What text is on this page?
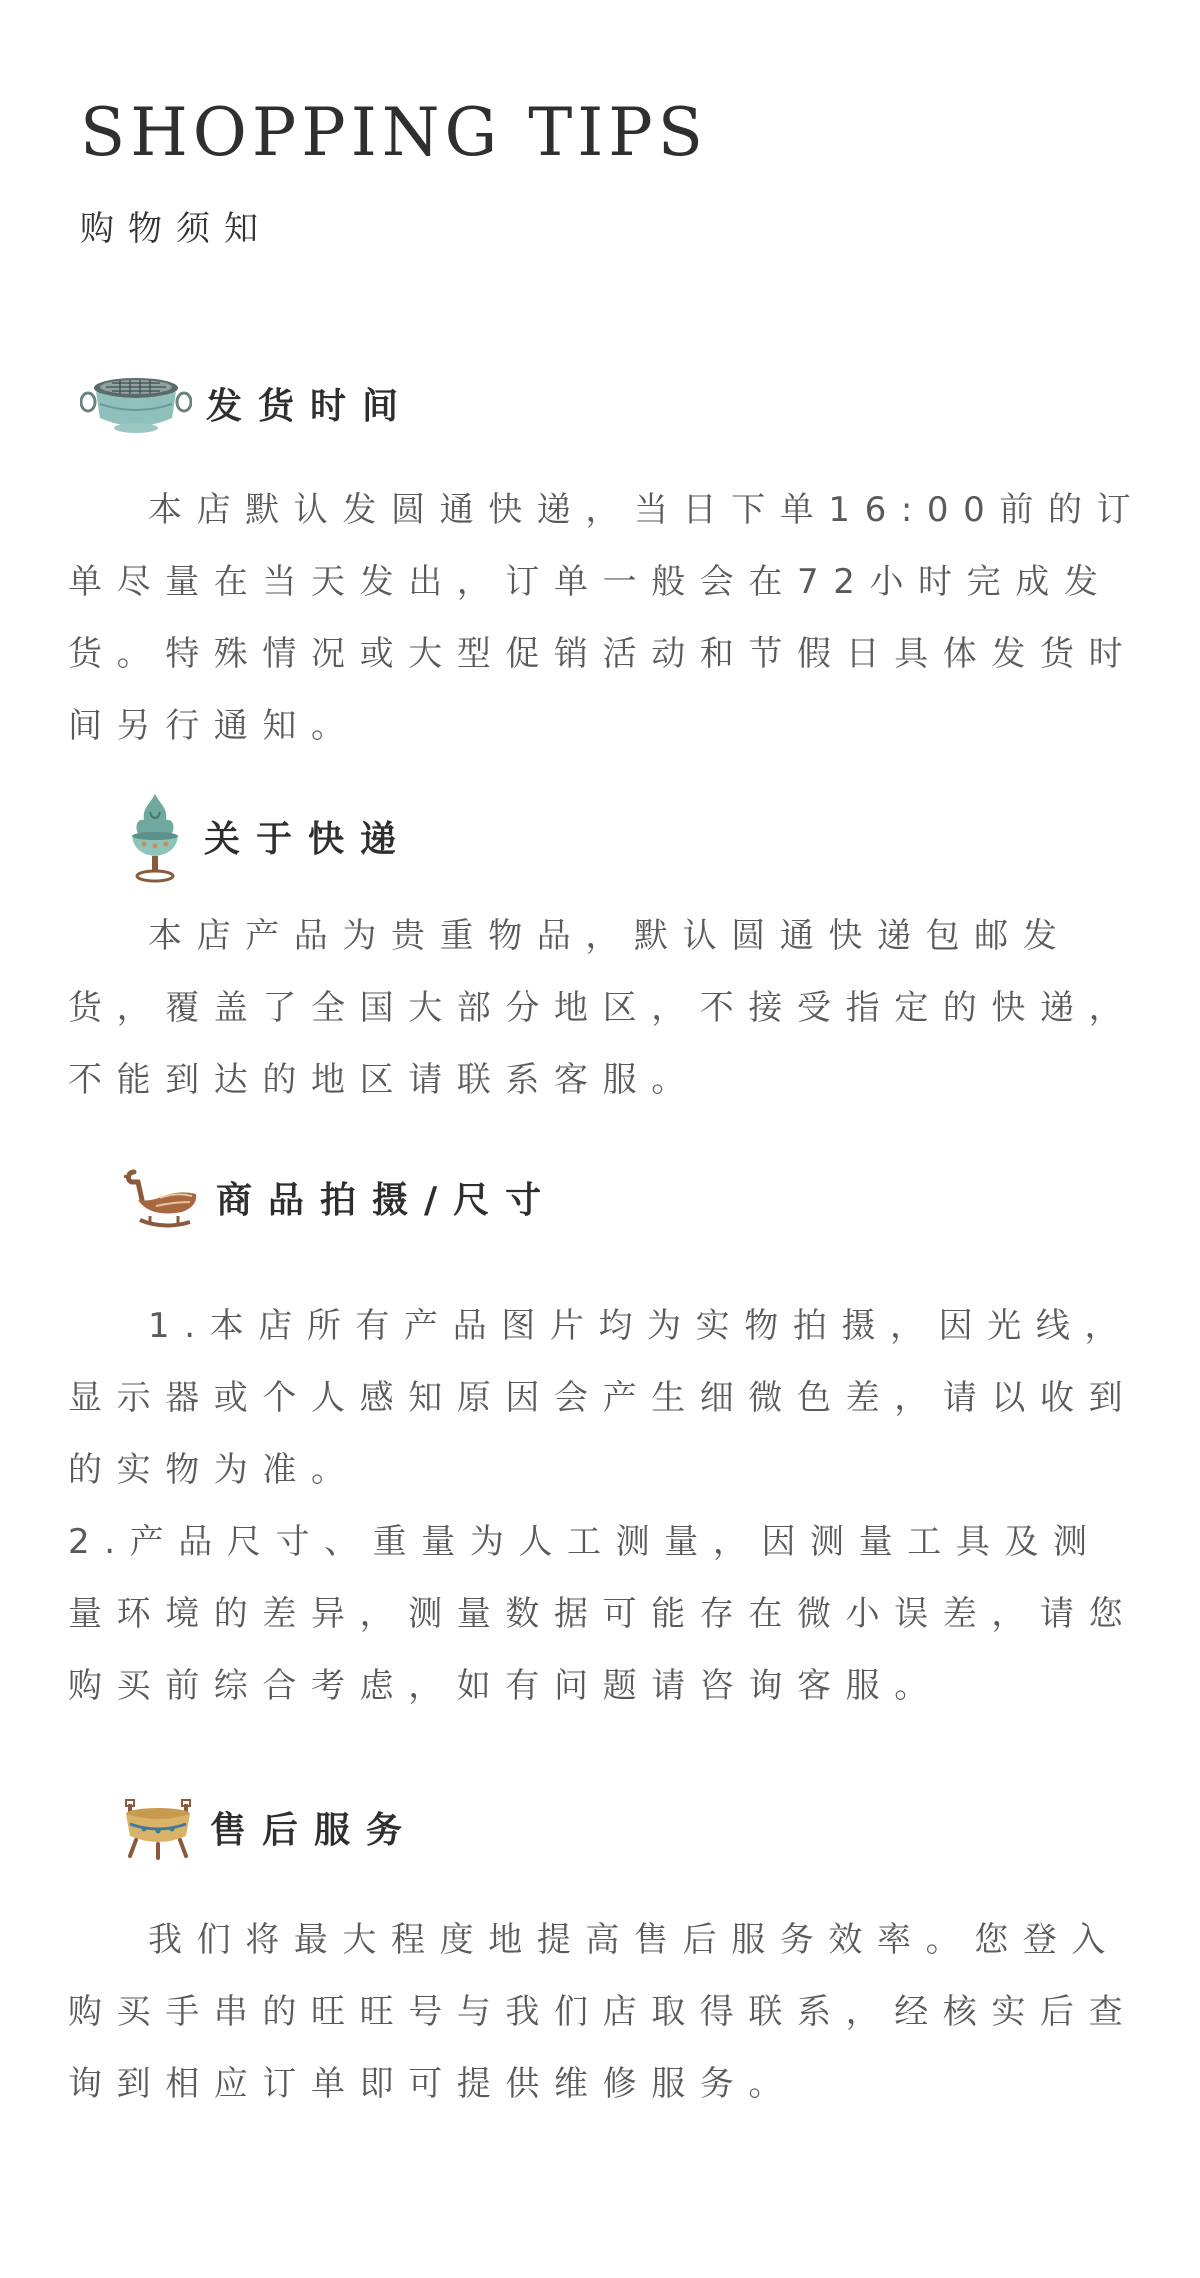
SHOPPING TIPS
购物须知
发货时间

本店默认发圆通快递，当日下单16:00前的订单尽量在当天发出，订单一般会在72小时完成发货。特殊情况或大型促销活动和节假日具体发货时间另行通知。

关于快递

本店产品为贵重物品，默认圆通快递包邮发货，覆盖了全国大部分地区，不接受指定的快递，不能到达的地区请联系客服。

商品拍摄/尺寸

1.本店所有产品图片均为实物拍摄，因光线，显示器或个人感知原因会产生细微色差，请以收到的实物为准。

2.产品尺寸、重量为人工测量，因测量工具及测量环境的差异，测量数据可能存在微小误差，请您购买前综合考虑，如有问题请咨询客服。

售后服务

我们将最大程度地提高售后服务效率。您登入购买手串的旺旺号与我们店取得联系，经核实后查询到相应订单即可提供维修服务。
